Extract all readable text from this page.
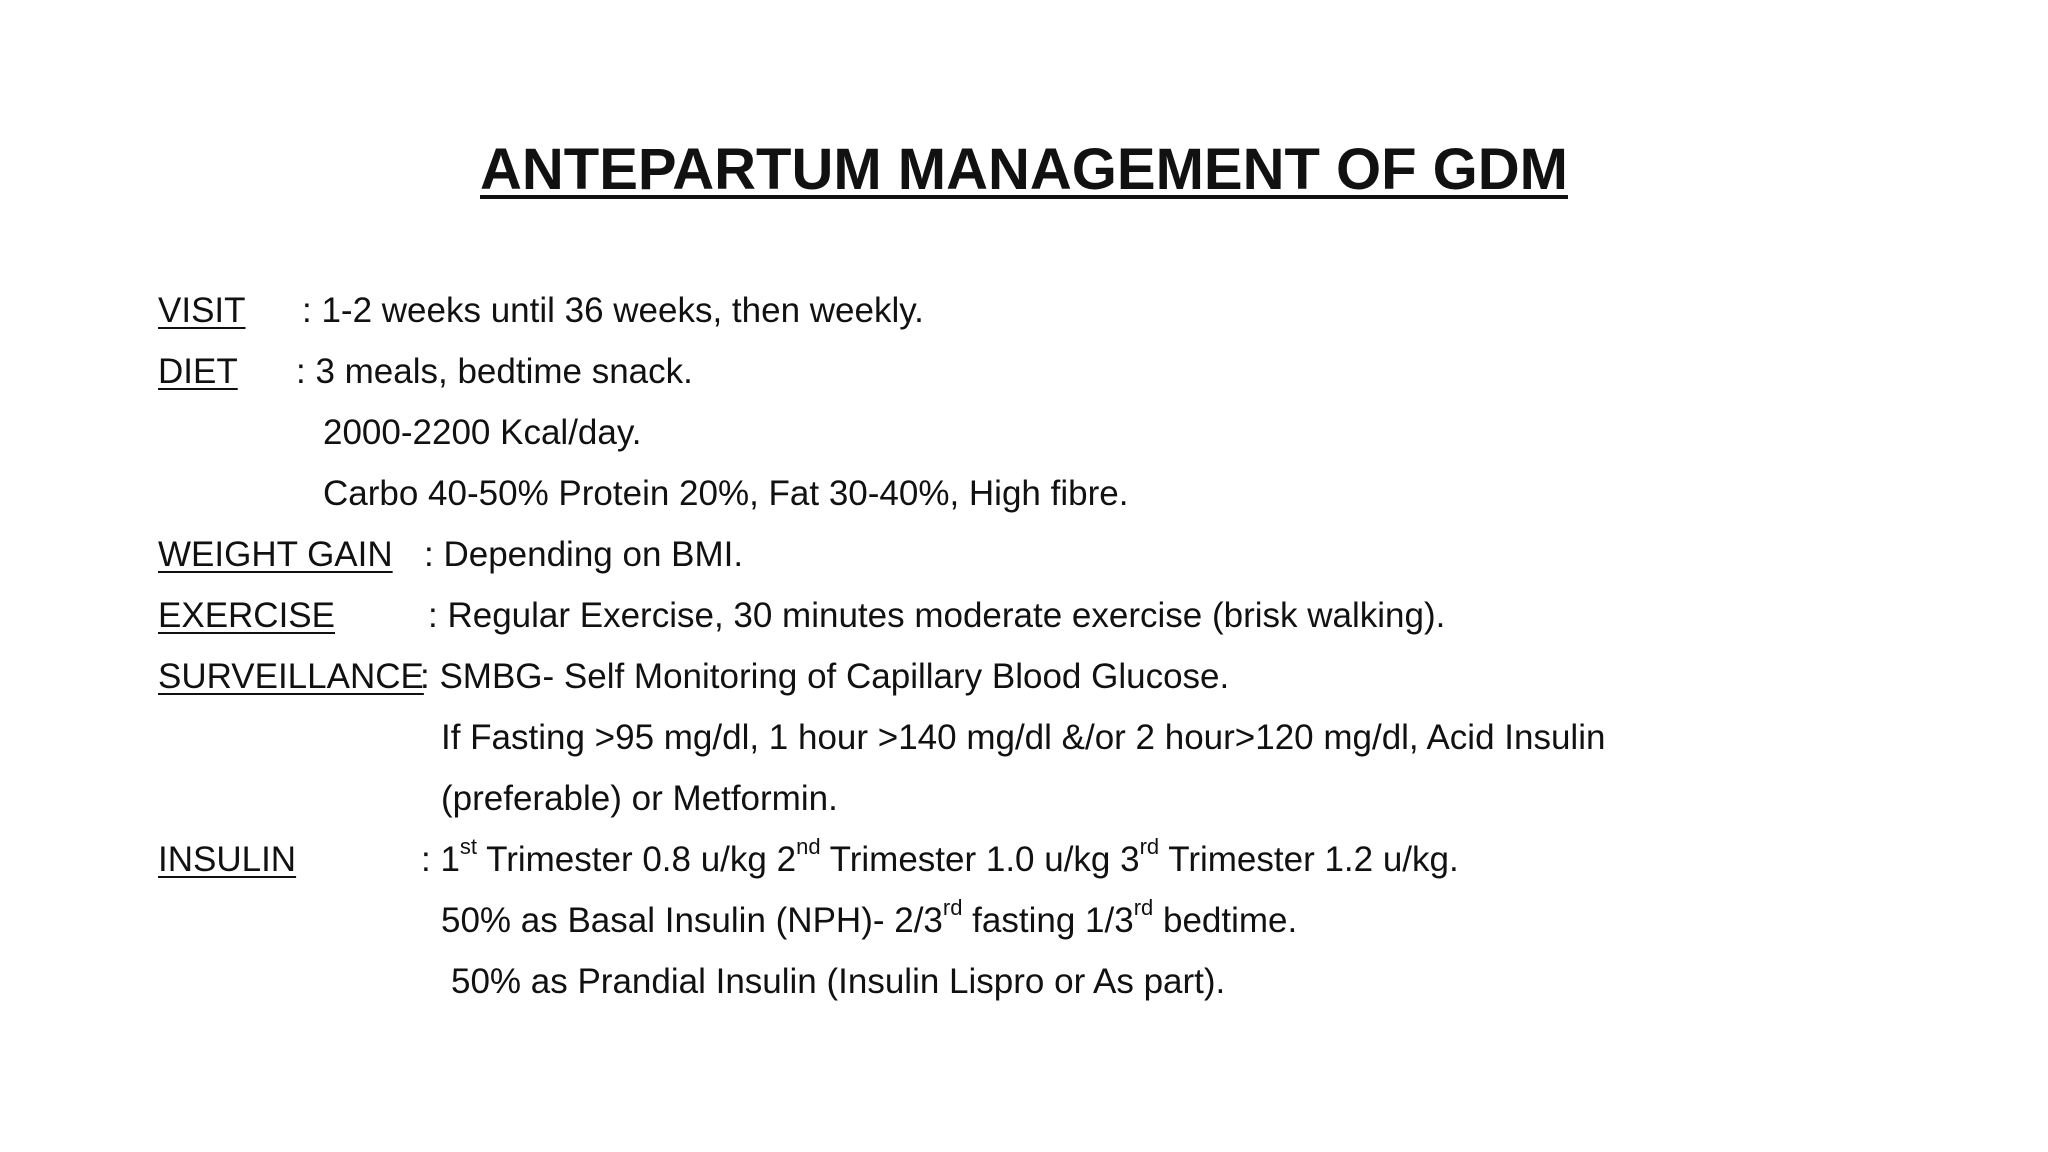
ANTEPARTUM MANAGEMENT OF GDM
VISIT : 1-2 weeks until 36 weeks, then weekly.
DIET : 3 meals, bedtime snack.
2000-2200 Kcal/day.
Carbo 40-50% Protein 20%, Fat 30-40%, High fibre.
WEIGHT GAIN : Depending on BMI.
EXERCISE	: Regular Exercise, 30 minutes moderate exercise (brisk walking).
SURVEILLANCE
: SMBG- Self Monitoring of Capillary Blood Glucose.
If Fasting >95 mg/dl, 1 hour >140 mg/dl &/or 2 hour>120 mg/dl, Acid Insulin
(preferable) or Metformin.
INSULIN	: 1st Trimester 0.8 u/kg 2nd Trimester 1.0 u/kg 3rd Trimester 1.2 u/kg.
50% as Basal Insulin (NPH)- 2/3rd fasting 1/3rd bedtime.
50% as Prandial Insulin (Insulin Lispro or As part).
